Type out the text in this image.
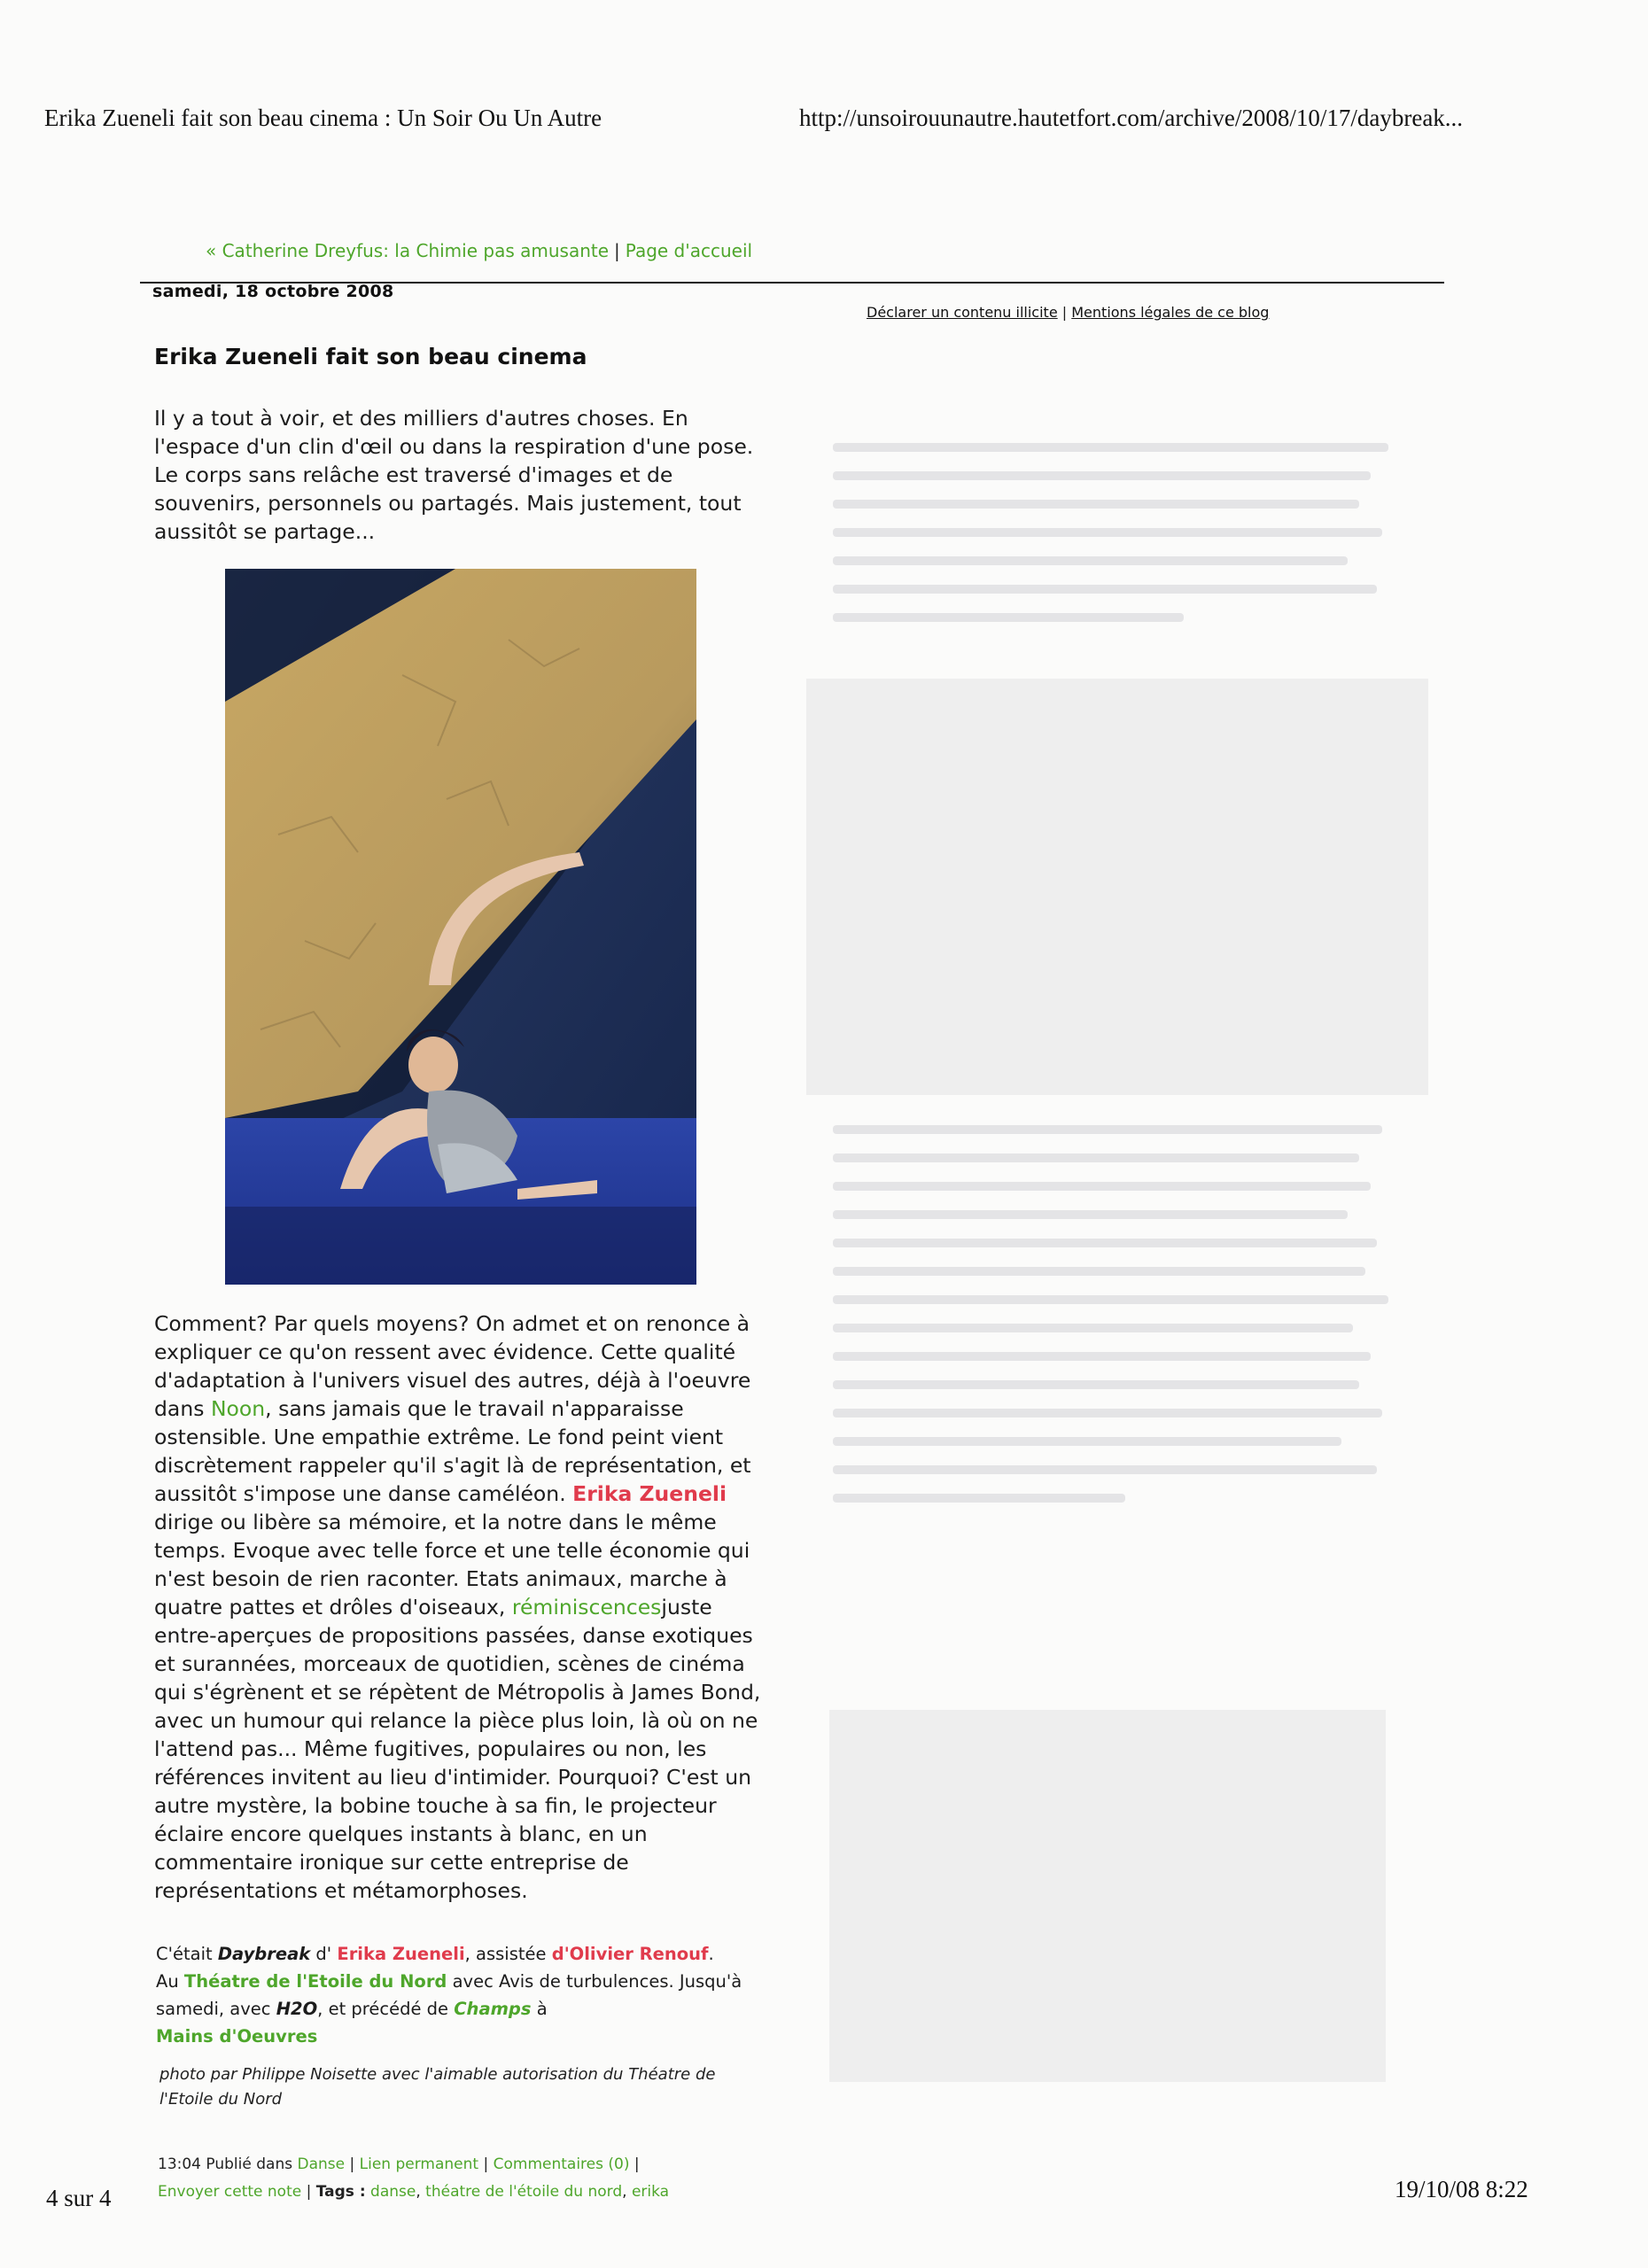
Erika Zueneli fait son beau cinema : Un Soir Ou Un Autre	http://unsoirouunautre.hautetfort.com/archive/2008/10/17/daybreak...
« Catherine Dreyfus: la Chimie pas amusante | Page d'accueil
samedi, 18 octobre 2008
Déclarer un contenu illicite | Mentions légales de ce blog
Erika Zueneli fait son beau cinema
Il y a tout à voir, et des milliers d'autres choses. En l'espace d'un clin d'œil ou dans la respiration d'une pose. Le corps sans relâche est traversé d'images et de souvenirs, personnels ou partagés. Mais justement, tout aussitôt se partage...
Comment? Par quels moyens? On admet et on renonce à expliquer ce qu'on ressent avec évidence. Cette qualité d'adaptation à l'univers visuel des autres, déjà à l'oeuvre dans Noon, sans jamais que le travail n'apparaisse ostensible. Une empathie extrême. Le fond peint vient discrètement rappeler qu'il s'agit là de représentation, et aussitôt s'impose une danse caméléon. Erika Zueneli dirige ou libère sa mémoire, et la notre dans le même temps. Evoque avec telle force et une telle économie qui n'est besoin de rien raconter. Etats animaux, marche à quatre pattes et drôles d'oiseaux, réminiscencesjuste entre-aperçues de propositions passées, danse exotiques et surannées, morceaux de quotidien, scènes de cinéma qui s'égrènent et se répètent de Métropolis à James Bond, avec un humour qui relance la pièce plus loin, là où on ne l'attend pas... Même fugitives, populaires ou non, les références invitent au lieu d'intimider. Pourquoi? C'est un autre mystère, la bobine touche à sa fin, le projecteur éclaire encore quelques instants à blanc, en un commentaire ironique sur cette entreprise de représentations et métamorphoses.
C'était Daybreak d' Erika Zueneli, assistée d'Olivier Renouf.
Au Théatre de l'Etoile du Nord avec Avis de turbulences. Jusqu'à samedi, avec H2O, et précédé de Champs à
Mains d'Oeuvres
photo par Philippe Noisette avec l'aimable autorisation du Théatre de l'Etoile du Nord
13:04 Publié dans Danse | Lien permanent | Commentaires (0) |
Envoyer cette note | Tags : danse, théatre de l'étoile du nord, erika
4 sur 4	19/10/08 8:22
